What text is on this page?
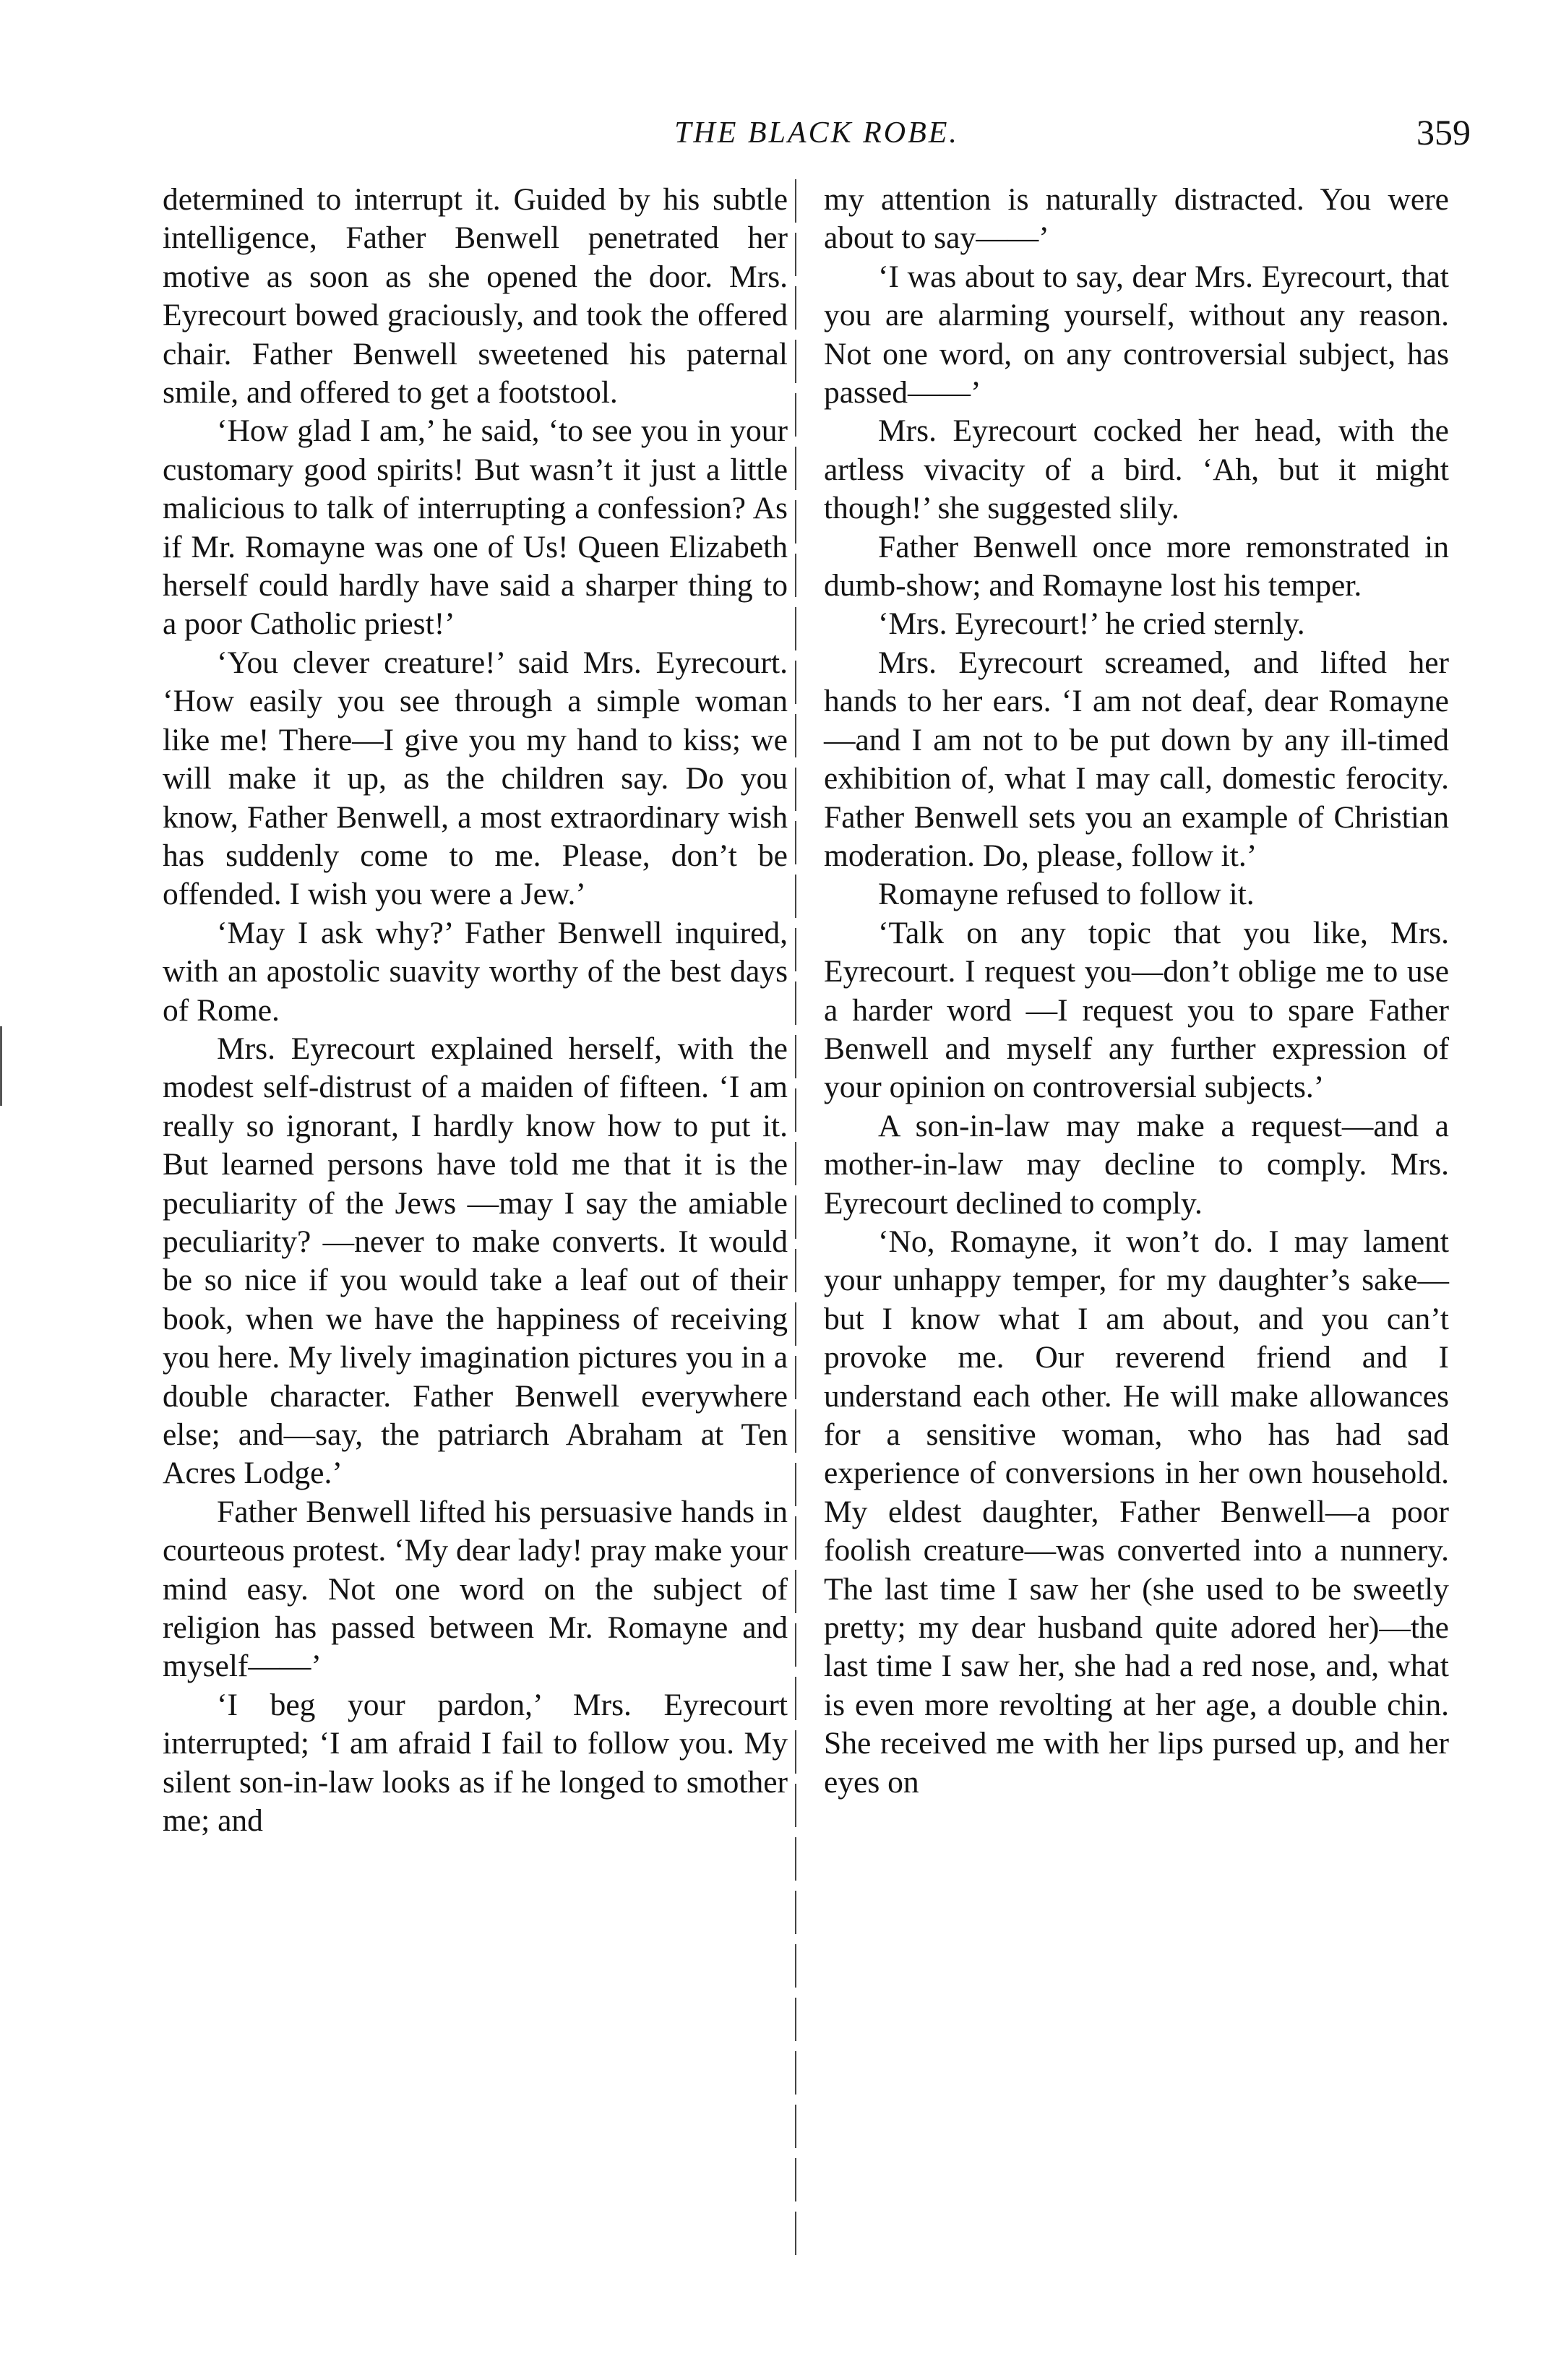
THE BLACK ROBE.	359

determined to interrupt it. Guided by his subtle intelligence, Father Benwell penetrated her motive as soon as she opened the door. Mrs. Eyrecourt bowed graciously, and took the offered chair. Father Benwell sweetened his paternal smile, and offered to get a footstool.

‘How glad I am,’ he said, ‘to see you in your customary good spirits! But wasn’t it just a little malicious to talk of interrupting a confession? As if Mr. Romayne was one of Us! Queen Elizabeth herself could hardly have said a sharper thing to a poor Catholic priest!’

‘You clever creature!’ said Mrs. Eyrecourt. ‘How easily you see through a simple woman like me! There—I give you my hand to kiss; we will make it up, as the children say. Do you know, Father Benwell, a most extraordinary wish has suddenly come to me. Please, don’t be offended. I wish you were a Jew.’

‘May I ask why?’ Father Benwell inquired, with an apostolic suavity worthy of the best days of Rome.

Mrs. Eyrecourt explained herself, with the modest self-distrust of a maiden of fifteen. ‘I am really so ignorant, I hardly know how to put it. But learned persons have told me that it is the peculiarity of the Jews —may I say the amiable peculiarity? —never to make converts. It would be so nice if you would take a leaf out of their book, when we have the happiness of receiving you here. My lively imagination pictures you in a double character. Father Benwell everywhere else; and—say, the patriarch Abraham at Ten Acres Lodge.’

Father Benwell lifted his persuasive hands in courteous protest. ‘My dear lady! pray make your mind easy. Not one word on the subject of religion has passed between Mr. Romayne and myself——’

‘I beg your pardon,’ Mrs. Eyrecourt interrupted; ‘I am afraid I fail to follow you. My silent son-in-law looks as if he longed to smother me; and

my attention is naturally distracted. You were about to say——’

‘I was about to say, dear Mrs. Eyrecourt, that you are alarming yourself, without any reason. Not one word, on any controversial subject, has passed——’

Mrs. Eyrecourt cocked her head, with the artless vivacity of a bird. ‘Ah, but it might though!’ she suggested slily.

Father Benwell once more remonstrated in dumb-show; and Romayne lost his temper.

‘Mrs. Eyrecourt!’ he cried sternly.

Mrs. Eyrecourt screamed, and lifted her hands to her ears. ‘I am not deaf, dear Romayne—and I am not to be put down by any ill-timed exhibition of, what I may call, domestic ferocity. Father Benwell sets you an example of Christian moderation. Do, please, follow it.’

Romayne refused to follow it.

‘Talk on any topic that you like, Mrs. Eyrecourt. I request you—don’t oblige me to use a harder word —I request you to spare Father Benwell and myself any further expression of your opinion on controversial subjects.’

A son-in-law may make a request—and a mother-in-law may decline to comply. Mrs. Eyrecourt declined to comply.

‘No, Romayne, it won’t do. I may lament your unhappy temper, for my daughter’s sake—but I know what I am about, and you can’t provoke me. Our reverend friend and I understand each other. He will make allowances for a sensitive woman, who has had sad experience of conversions in her own household. My eldest daughter, Father Benwell—a poor foolish creature—was converted into a nunnery. The last time I saw her (she used to be sweetly pretty; my dear husband quite adored her)—the last time I saw her, she had a red nose, and, what is even more revolting at her age, a double chin. She received me with her lips pursed up, and her eyes on
